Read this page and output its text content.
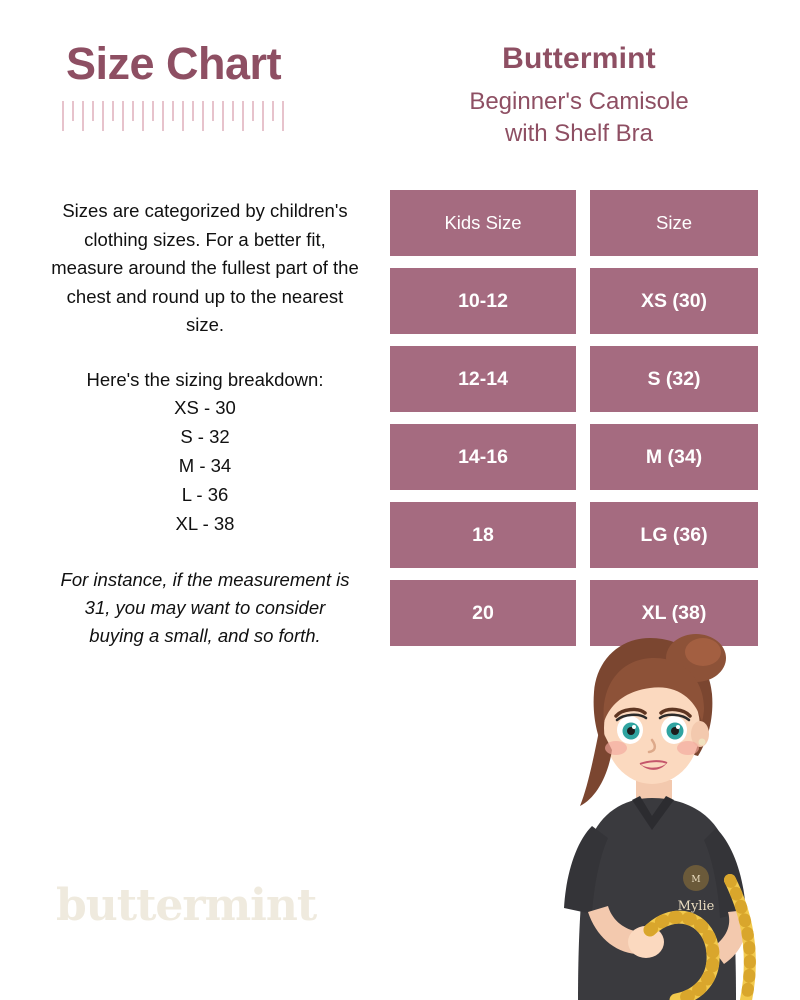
Size Chart

Sizes are categorized by children's clothing sizes. For a better fit, measure around the fullest part of the chest and round up to the nearest size.

Here's the sizing breakdown:

XS - 30
S - 32
M - 34
L - 36
XL - 38

For instance, if the measurement is 31, you may want to consider buying a small, and so forth.

buttermint
Buttermint
Beginner's Camisole
with Shelf Bra
Kids Size	Size
10-12	XS (30)
12-14	S (32)
14-16	M (34)
18	LG (36)
20	XL (38)
M
Mylie
